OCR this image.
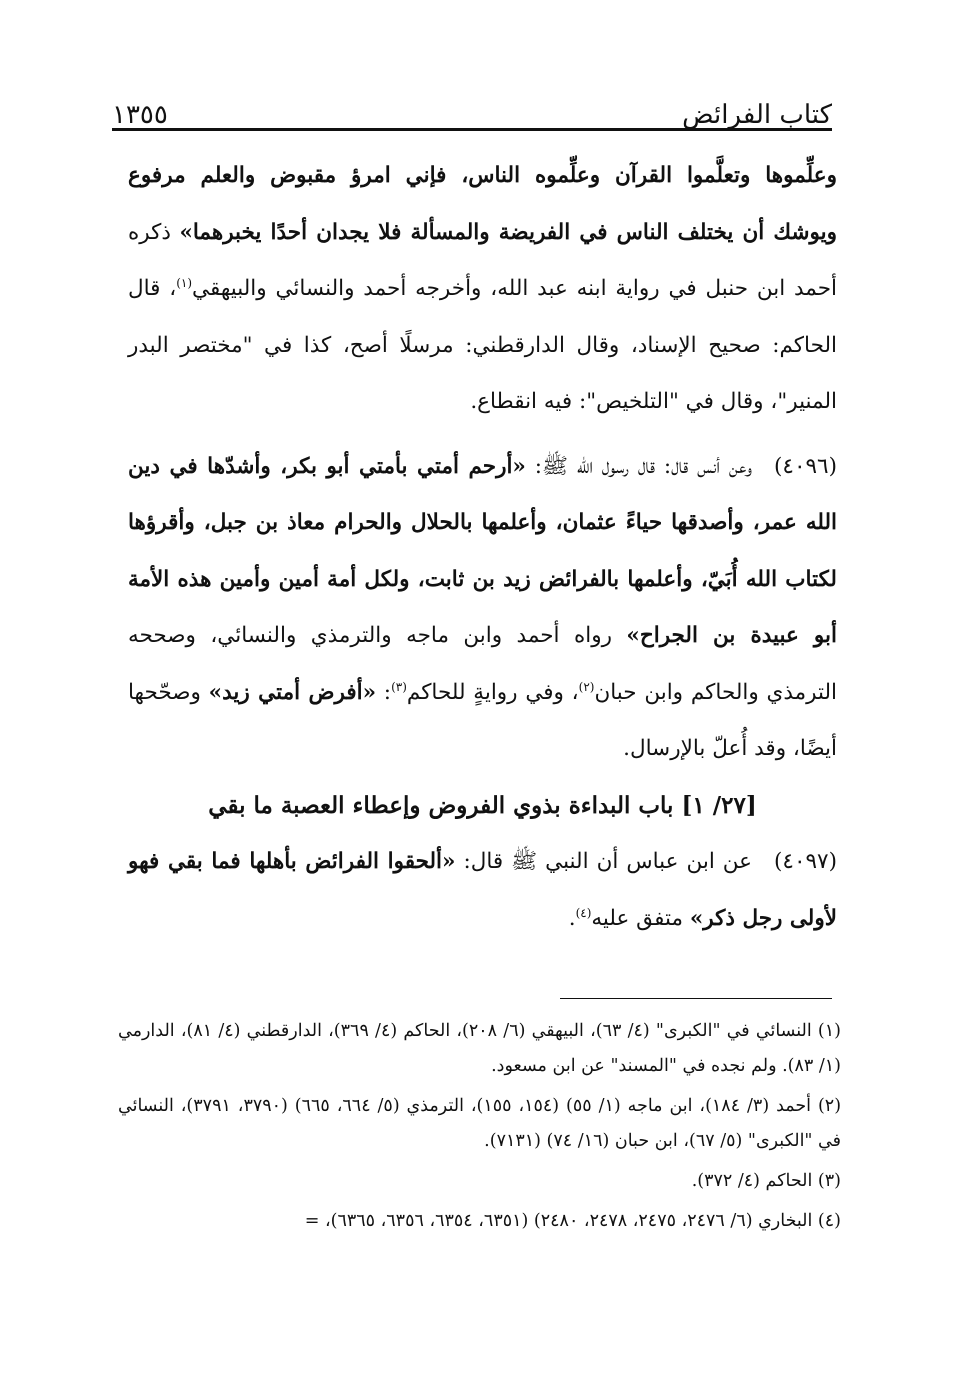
كتاب الفرائض
١٣٥٥

وعلِّموها وتعلَّموا القرآن وعلِّموه الناس، فإني امرؤ مقبوض والعلم مرفوع ويوشك أن يختلف الناس في الفريضة والمسألة فلا يجدان أحدًا يخبرهما» ذكره أحمد ابن حنبل في رواية ابنه عبد الله، وأخرجه أحمد والنسائي والبيهقي$^{(١)}$، قال الحاكم: صحيح الإسناد، وقال الدارقطني: مرسلًا أصح، كذا في "مختصر البدر المنير"، وقال في "التلخيص": فيه انقطاع.

(٤٠٩٦)وعن أنس قال: قال رسول الله ﷺ: «أرحم أمتي بأمتي أبو بكر، وأشدّها في دين الله عمر، وأصدقها حياءً عثمان، وأعلمها بالحلال والحرام معاذ بن جبل، وأقرؤها لكتاب الله أُبَيّ، وأعلمها بالفرائض زيد بن ثابت، ولكل أمة أمين وأمين هذه الأمة أبو عبيدة بن الجراح» رواه أحمد وابن ماجه والترمذي والنسائي، وصححه الترمذي والحاكم وابن حبان$^{(٢)}$، وفي روايةٍ للحاكم$^{(٣)}$: «أفرض أمتي زيد» وصحّحها أيضًا، وقد أُعلّ بالإرسال.

[٢٧/ ١] باب البداءة بذوي الفروض وإعطاء العصبة ما بقي

(٤٠٩٧)عن ابن عباس أن النبي ﷺ قال: «ألحقوا الفرائض بأهلها فما بقي فهو لأولى رجل ذكر» متفق عليه$^{(٤)}$.

(١) النسائي في "الكبرى" (٤/ ٦٣)، البيهقي (٦/ ٢٠٨)، الحاكم (٤/ ٣٦٩)، الدارقطني (٤/ ٨١)، الدارمي (١/ ٨٣). ولم نجده في "المسند" عن ابن مسعود.

(٢) أحمد (٣/ ١٨٤)، ابن ماجه (١/ ٥٥) (١٥٤، ١٥٥)، الترمذي (٥/ ٦٦٤، ٦٦٥) (٣٧٩٠، ٣٧٩١)، النسائي في "الكبرى" (٥/ ٦٧)، ابن حبان (١٦/ ٧٤) (٧١٣١).

(٣) الحاكم (٤/ ٣٧٢).

(٤) البخاري (٦/ ٢٤٧٦، ٢٤٧٥، ٢٤٧٨، ٢٤٨٠) (٦٣٥١، ٦٣٥٤، ٦٣٥٦، ٦٣٦٥)، =
